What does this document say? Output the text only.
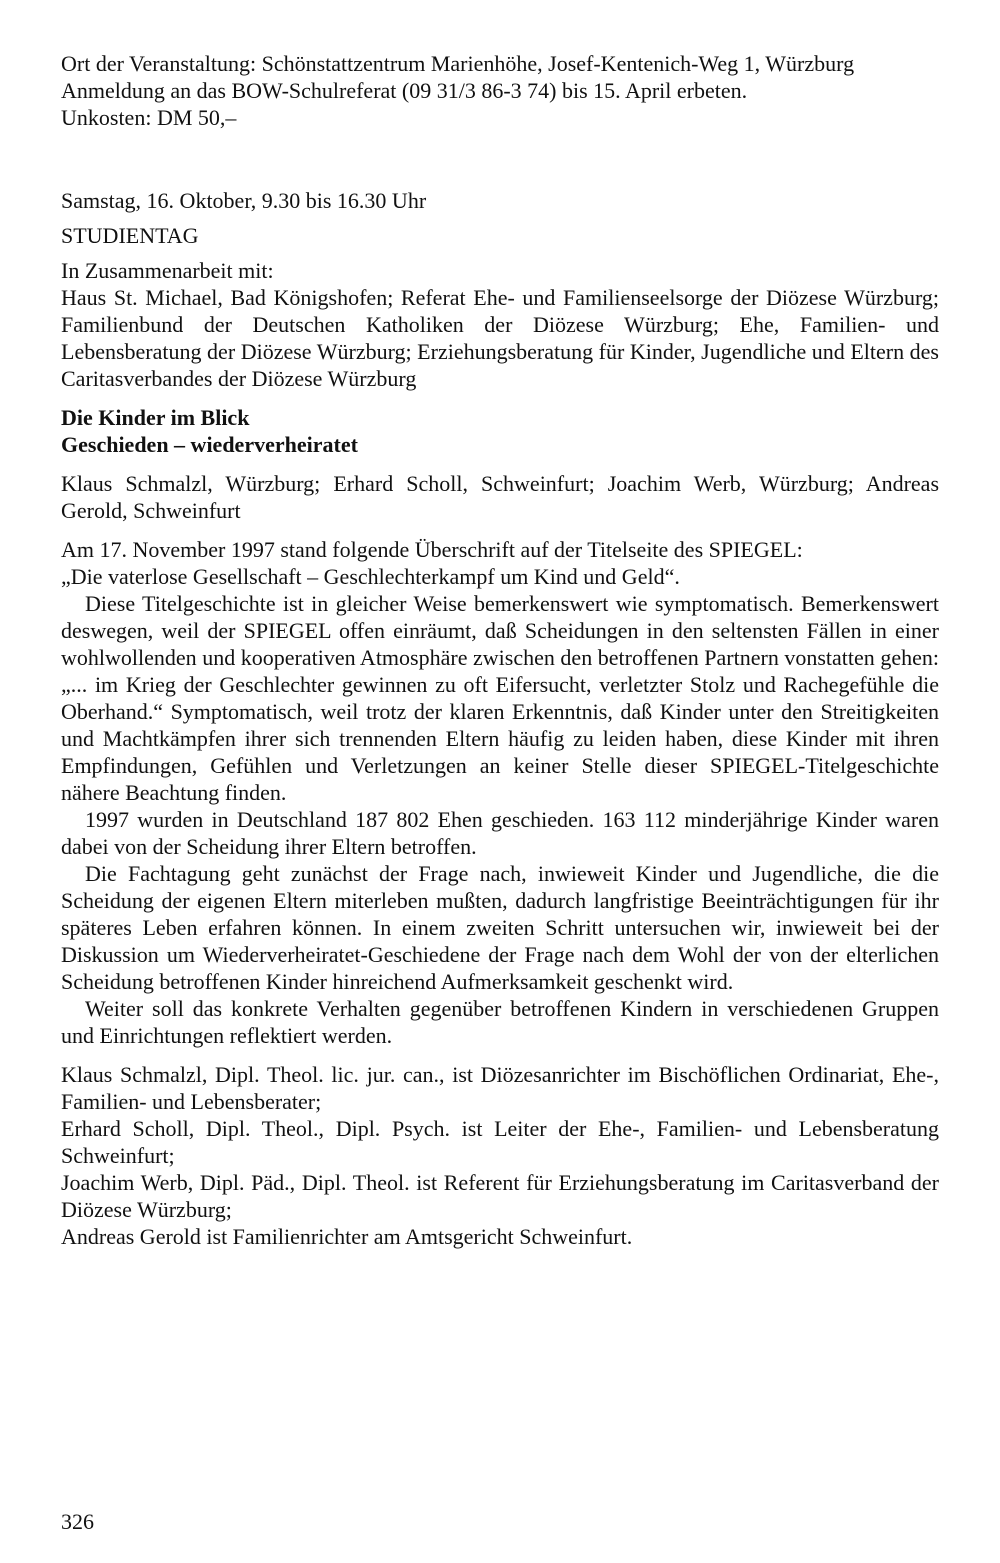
Ort der Veranstaltung: Schönstattzentrum Marienhöhe, Josef-Kentenich-Weg 1, Würzburg

Anmeldung an das BOW-Schulreferat (09 31/3 86-3 74) bis 15. April erbeten.

Unkosten: DM 50,–

Samstag, 16. Oktober, 9.30 bis 16.30 Uhr

STUDIENTAG

In Zusammenarbeit mit:

Haus St. Michael, Bad Königshofen; Referat Ehe- und Familienseelsorge der Diözese Würzburg; Familienbund der Deutschen Katholiken der Diözese Würzburg; Ehe, Familien- und Lebensberatung der Diözese Würzburg; Erziehungsberatung für Kinder, Jugendliche und Eltern des Caritasverbandes der Diözese Würzburg

Die Kinder im Blick

Geschieden – wiederverheiratet

Klaus Schmalzl, Würzburg; Erhard Scholl, Schweinfurt; Joachim Werb, Würzburg; Andreas Gerold, Schweinfurt

Am 17. November 1997 stand folgende Überschrift auf der Titelseite des SPIEGEL:

„Die vaterlose Gesellschaft – Geschlechterkampf um Kind und Geld“.

Diese Titelgeschichte ist in gleicher Weise bemerkenswert wie symptomatisch. Bemerkenswert deswegen, weil der SPIEGEL offen einräumt, daß Scheidungen in den seltensten Fällen in einer wohlwollenden und kooperativen Atmosphäre zwischen den betroffenen Partnern vonstatten gehen: „... im Krieg der Geschlechter gewinnen zu oft Eifersucht, verletzter Stolz und Rachegefühle die Oberhand.“ Symptomatisch, weil trotz der klaren Erkenntnis, daß Kinder unter den Streitigkeiten und Machtkämpfen ihrer sich trennenden Eltern häufig zu leiden haben, diese Kinder mit ihren Empfindungen, Gefühlen und Verletzungen an keiner Stelle dieser SPIEGEL-Titelgeschichte nähere Beachtung finden.

1997 wurden in Deutschland 187 802 Ehen geschieden. 163 112 minderjährige Kinder waren dabei von der Scheidung ihrer Eltern betroffen.

Die Fachtagung geht zunächst der Frage nach, inwieweit Kinder und Jugendliche, die die Scheidung der eigenen Eltern miterleben mußten, dadurch langfristige Beeinträchtigungen für ihr späteres Leben erfahren können. In einem zweiten Schritt untersuchen wir, inwieweit bei der Diskussion um Wiederverheiratet-Geschiedene der Frage nach dem Wohl der von der elterlichen Scheidung betroffenen Kinder hinreichend Aufmerksamkeit geschenkt wird.

Weiter soll das konkrete Verhalten gegenüber betroffenen Kindern in verschiedenen Gruppen und Einrichtungen reflektiert werden.

Klaus Schmalzl, Dipl. Theol. lic. jur. can., ist Diözesanrichter im Bischöflichen Ordinariat, Ehe-, Familien- und Lebensberater;

Erhard Scholl, Dipl. Theol., Dipl. Psych. ist Leiter der Ehe-, Familien- und Lebensberatung Schweinfurt;

Joachim Werb, Dipl. Päd., Dipl. Theol. ist Referent für Erziehungsberatung im Caritasverband der Diözese Würzburg;

Andreas Gerold ist Familienrichter am Amtsgericht Schweinfurt.

326
